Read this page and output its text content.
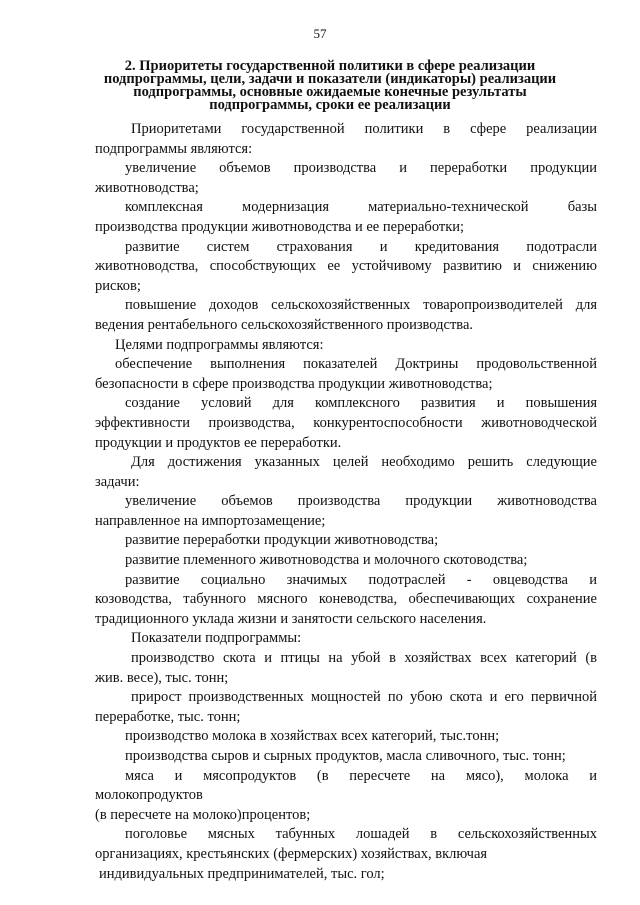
57
2. Приоритеты государственной политики в сфере реализации
подпрограммы, цели, задачи и показатели (индикаторы) реализации
подпрограммы, основные ожидаемые конечные результаты
подпрограммы, сроки ее реализации
Приоритетами государственной политики в сфере реализации
подпрограммы являются:
увеличение объемов производства и переработки продукции
животноводства;
комплексная модернизация материально-технической базы
производства продукции животноводства и ее переработки;
развитие систем страхования и кредитования подотрасли
животноводства, способствующих ее устойчивому развитию и снижению
рисков;
повышение доходов сельскохозяйственных товаропроизводителей для
ведения рентабельного сельскохозяйственного производства.
Целями подпрограммы являются:
обеспечение выполнения показателей Доктрины продовольственной
безопасности в сфере производства продукции животноводства;
создание условий для комплексного развития и повышения
эффективности производства, конкурентоспособности животноводческой
продукции и продуктов ее переработки.
Для достижения указанных целей необходимо решить следующие
задачи:
увеличение объемов производства продукции животноводства
направленное на импортозамещение;
развитие переработки продукции животноводства;
развитие племенного животноводства и молочного скотоводства;
развитие социально значимых подотраслей - овцеводства и
козоводства, табунного мясного коневодства, обеспечивающих сохранение
традиционного уклада жизни и занятости сельского населения.
Показатели подпрограммы:
производство скота и птицы на убой в хозяйствах всех категорий (в
жив. весе), тыс. тонн;
прирост производственных мощностей по убою скота и его первичной
переработке, тыс. тонн;
производство молока в хозяйствах всех категорий, тыс.тонн;
производства сыров и сырных продуктов, масла сливочного, тыс. тонн;
мяса и мясопродуктов (в пересчете на мясо), молока и
молокопродуктов
(в пересчете на молоко)процентов;
поголовье мясных табунных лошадей в сельскохозяйственных
организациях, крестьянских (фермерских) хозяйствах, включая
индивидуальных предпринимателей, тыс. гол;
